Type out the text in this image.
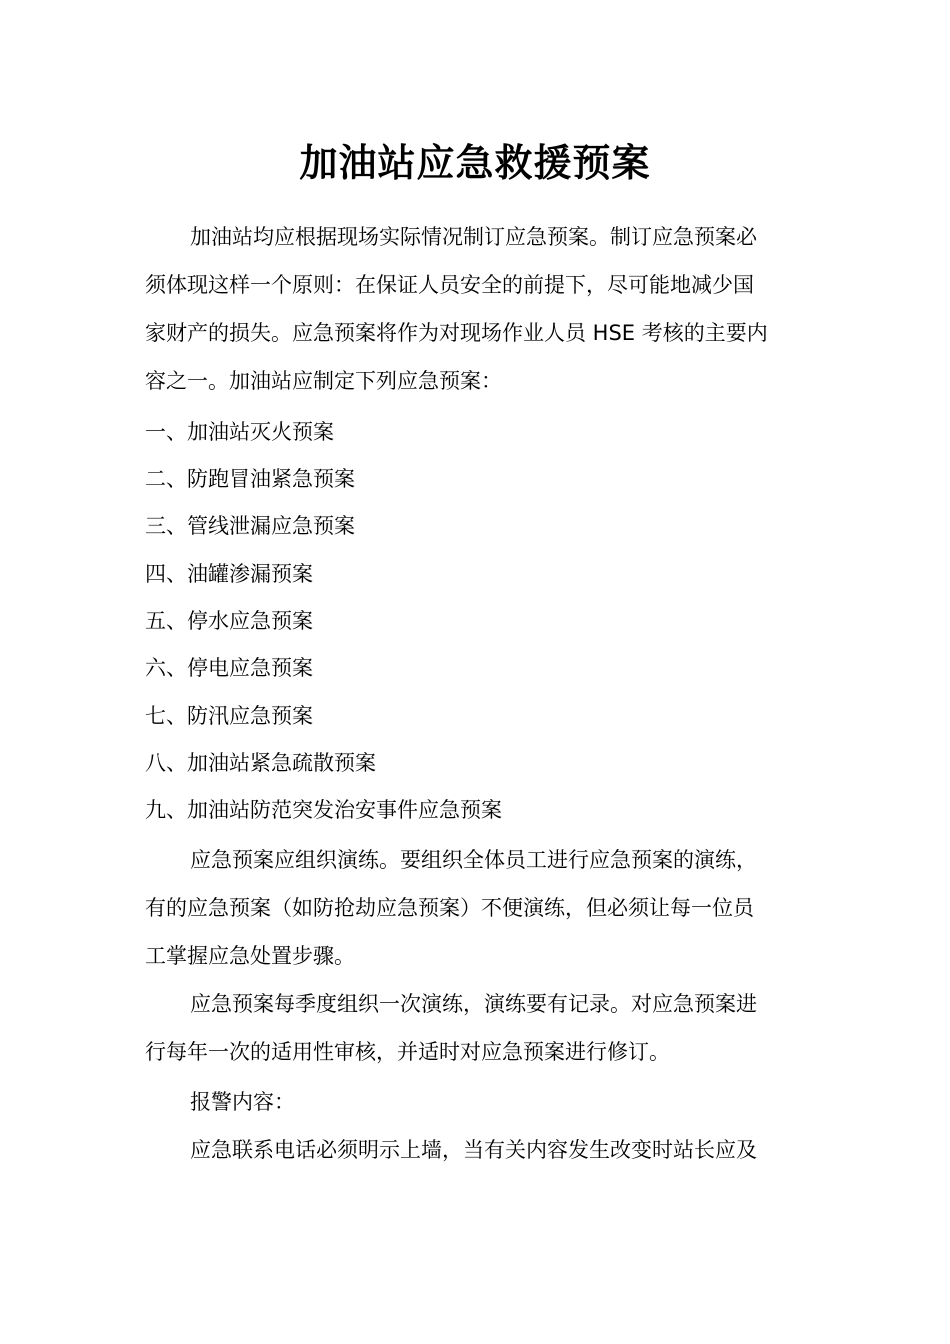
加油站应急救援预案
加油站均应根据现场实际情况制订应急预案。制订应急预案必
须体现这样一个原则：在保证人员安全的前提下，尽可能地减少国
家财产的损失。应急预案将作为对现场作业人员 HSE 考核的主要内
容之一。加油站应制定下列应急预案：
一、加油站灭火预案
二、防跑冒油紧急预案
三、管线泄漏应急预案
四、油罐渗漏预案
五、停水应急预案
六、停电应急预案
七、防汛应急预案
八、加油站紧急疏散预案
九、加油站防范突发治安事件应急预案
应急预案应组织演练。要组织全体员工进行应急预案的演练，
有的应急预案（如防抢劫应急预案）不便演练，但必须让每一位员
工掌握应急处置步骤。
应急预案每季度组织一次演练，演练要有记录。对应急预案进
行每年一次的适用性审核，并适时对应急预案进行修订。
报警内容：
应急联系电话必须明示上墙，当有关内容发生改变时站长应及
